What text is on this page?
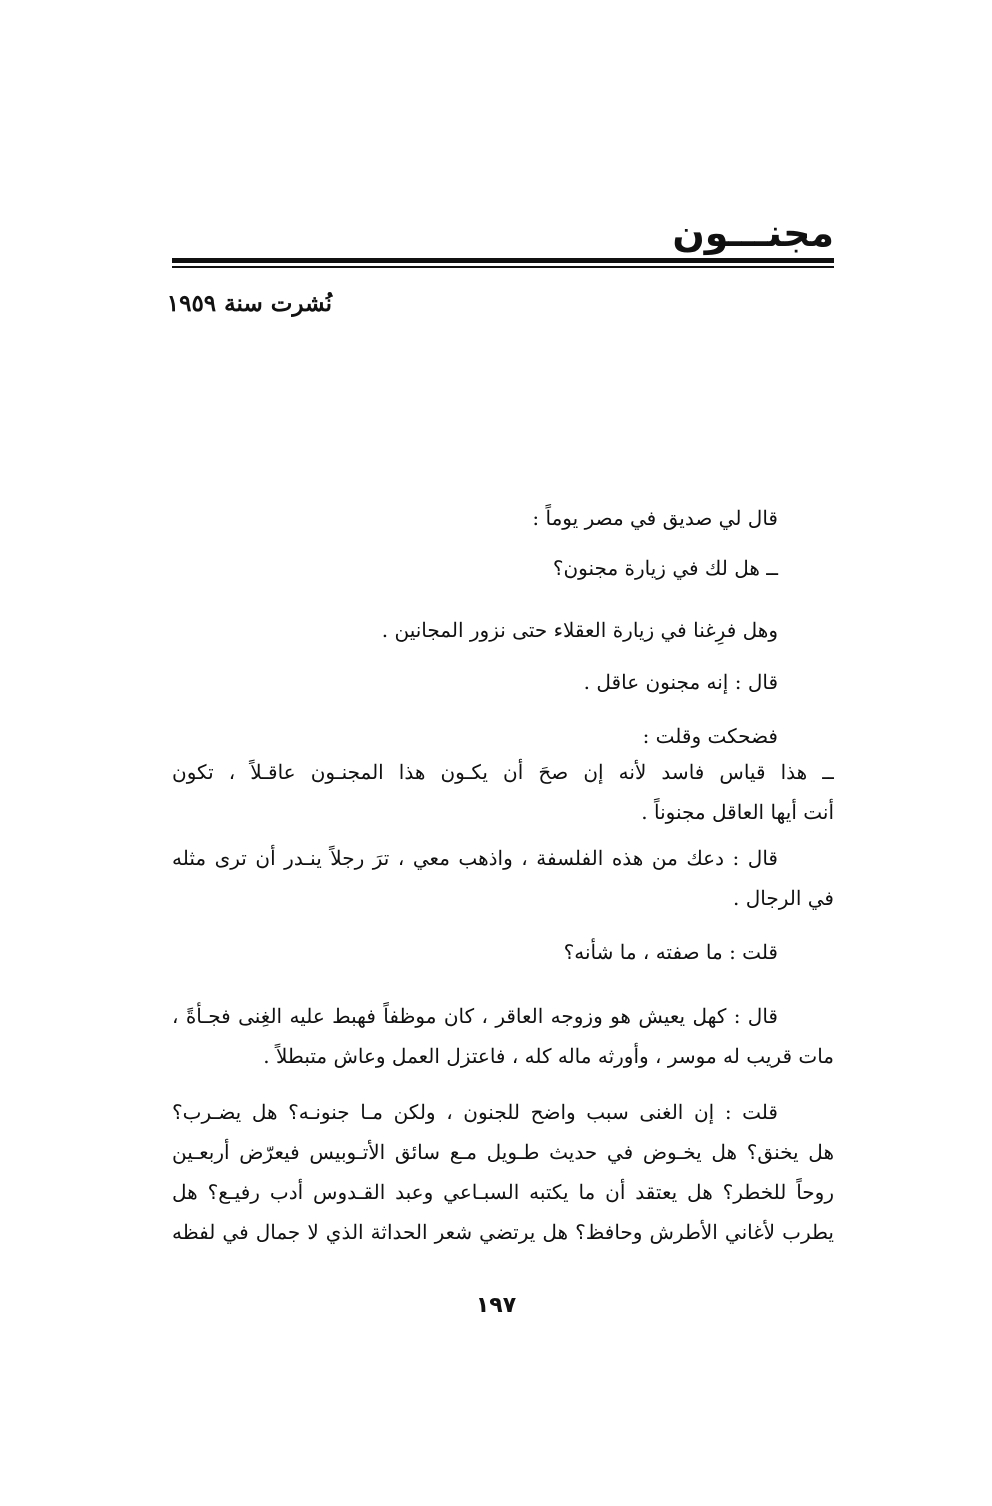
مجنـــون
نُشرت سنة ١٩٥٩

قال لي صديق في مصر يوماً :

ــ هل لك في زيارة مجنون؟

وهل فرِغنا في زيارة العقلاء حتى نزور المجانين .

قال : إنه مجنون عاقل .

فضحكت وقلت :

ــ هذا قياس فاسد لأنه إن صحَ أن يكـون هذا المجنـون عاقـلاً ، تكون
أنت أيها العاقل مجنوناً .

قال : دعك من هذه الفلسفة ، واذهب معي ، ترَ رجلاً ينـدر أن ترى مثله
في الرجال .

قلت : ما صفته ، ما شأنه؟

قال : كهل يعيش هو وزوجه العاقر ، كان موظفاً فهبط عليه الغِنى فجـأةً ،
مات قريب له موسر ، وأورثه ماله كله ، فاعتزل العمل وعاش متبطلاً .

قلت : إن الغنى سبب واضح للجنون ، ولكن مـا جنونـه؟ هل يضـرب؟
هل يخنق؟ هل يخـوض في حديث طـويل مـع سائق الأتـوبيس فيعرّض أربعـين
روحاً للخطر؟ هل يعتقد أن ما يكتبه السبـاعي وعبد القـدوس أدب رفيـع؟ هل
يطرب لأغاني الأطرش وحافظ؟ هل يرتضي شعر الحداثة الذي لا جمال في لفظه

١٩٧
